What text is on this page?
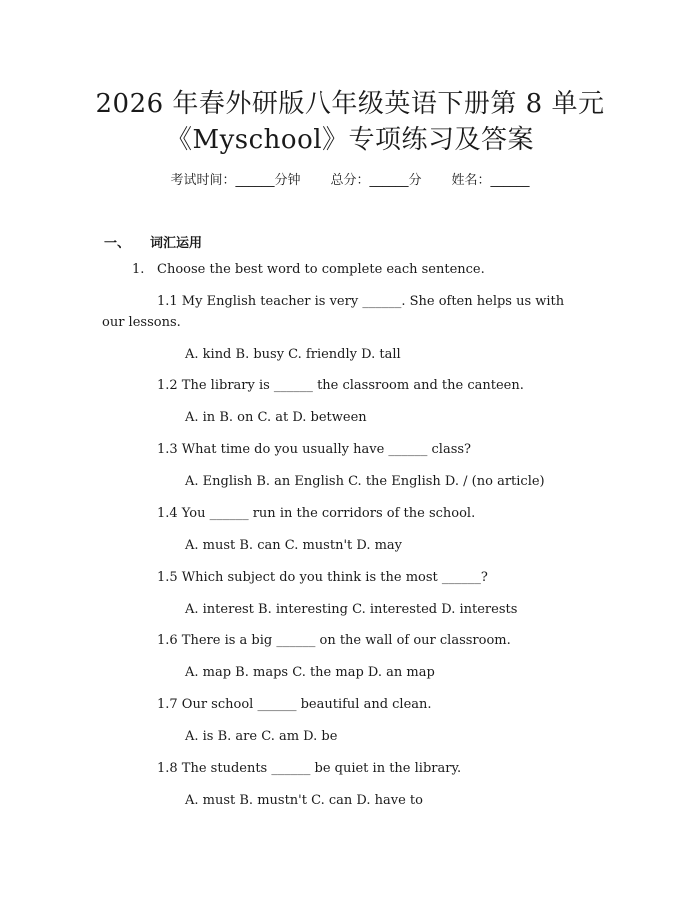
2026 年春外研版八年级英语下册第 8 单元
《Myschool》专项练习及答案
考试时间：______分钟 总分：______分 姓名：______
一、 词汇运用
1. Choose the best word to complete each sentence.
1.1 My English teacher is very ______. She often helps us with
our lessons.
A. kind B. busy C. friendly D. tall
1.2 The library is ______ the classroom and the canteen.
A. in B. on C. at D. between
1.3 What time do you usually have ______ class?
A. English B. an English C. the English D. / (no article)
1.4 You ______ run in the corridors of the school.
A. must B. can C. mustn't D. may
1.5 Which subject do you think is the most ______?
A. interest B. interesting C. interested D. interests
1.6 There is a big ______ on the wall of our classroom.
A. map B. maps C. the map D. an map
1.7 Our school ______ beautiful and clean.
A. is B. are C. am D. be
1.8 The students ______ be quiet in the library.
A. must B. mustn't C. can D. have to
